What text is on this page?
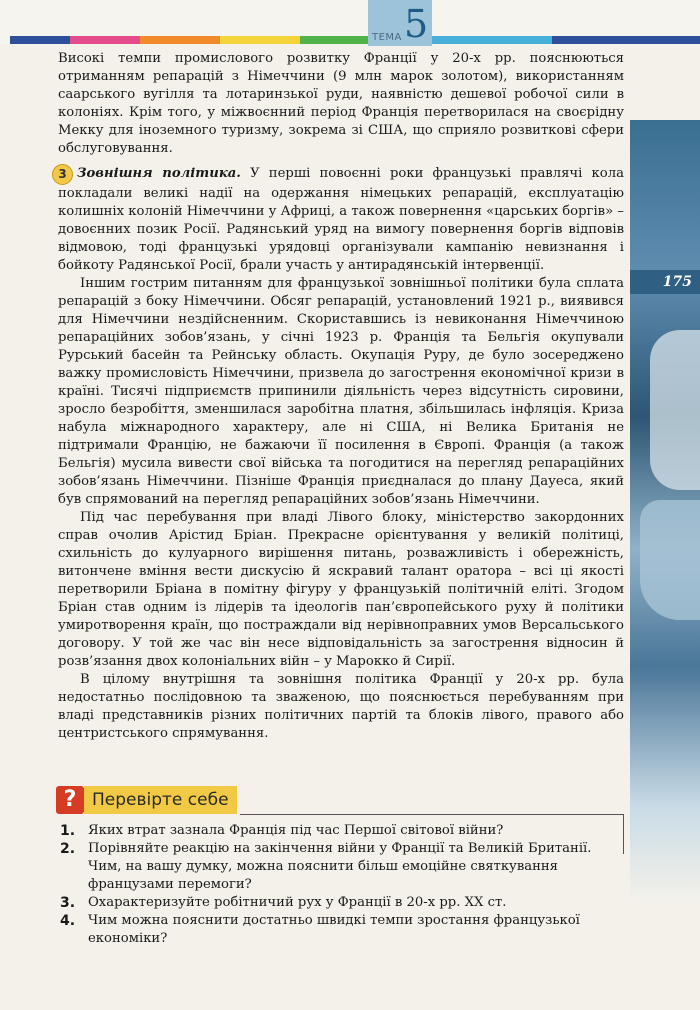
ТЕМА 5
175

Високі темпи промислового розвитку Франції у 20-х рр. пояснюються отриманням репарацій з Німеччини (9 млн марок золотом), використанням саарського вугілля та лотаринзької руди, наявністю дешевої робочої сили в колоніях. Крім того, у міжвоєнний період Франція перетворилася на своєрідну Мекку для іноземного туризму, зокрема зі США, що сприяло розвиткові сфери обслуговування.

3 Зовнішня політика. У перші повоєнні роки французькі правлячі кола покладали великі надії на одержання німецьких репарацій, експлуатацію колишніх колоній Німеччини у Африці, а також повернення «царських боргів» – довоєнних позик Росії. Радянський уряд на вимогу повернення боргів відповів відмовою, тоді французькі урядовці організували кампанію невизнання і бойкоту Радянської Росії, брали участь у антирадянській інтервенції.

Іншим гострим питанням для французької зовнішньої політики була сплата репарацій з боку Німеччини. Обсяг репарацій, установлений 1921 р., виявився для Німеччини нездійсненним. Скориставшись із невиконання Німеччиною репараційних зобов’язань, у січні 1923 р. Франція та Бельгія окупували Рурський басейн та Рейнську область. Окупація Руру, де було зосереджено важку промисловість Німеччини, призвела до загострення економічної кризи в країні. Тисячі підприємств припинили діяльність через відсутність сировини, зросло безробіття, зменшилася заробітна платня, збільшилась інфляція. Криза набула міжнародного характеру, але ні США, ні Велика Британія не підтримали Францію, не бажаючи її посилення в Європі. Франція (а також Бельгія) мусила вивести свої війська та погодитися на перегляд репараційних зобов’язань Німеччини. Пізніше Франція приєдналася до плану Дауеса, який був спрямований на перегляд репараційних зобов’язань Німеччини.

Під час перебування при владі Лівого блоку, міністерство закордонних справ очолив Арістид Бріан. Прекрасне орієнтування у великій політиці, схильність до кулуарного вирішення питань, розважливість і обережність, витончене вміння вести дискусію й яскравий талант оратора – всі ці якості перетворили Бріана в помітну фігуру у французькій політичній еліті. Згодом Бріан став одним із лідерів та ідеологів пан’європейського руху й політики умиротворення країн, що постраждали від нерівноправних умов Версальського договору. У той же час він несе відповідальність за загострення відносин й розв’язання двох колоніальних війн – у Марокко й Сирії.

В цілому внутрішня та зовнішня політика Франції у 20-х рр. була недостатньо послідовною та зваженою, що пояснюється перебуванням при владі представників різних політичних партій та блоків лівого, правого або центристського спрямування.

? Перевірте себе
1. Яких втрат зазнала Франція під час Першої світової війни?
2. Порівняйте реакцію на закінчення війни у Франції та Великій Британії. Чим, на вашу думку, можна пояснити більш емоційне святкування французами перемоги?
3. Охарактеризуйте робітничий рух у Франції в 20-х рр. ХХ ст.
4. Чим можна пояснити достатньо швидкі темпи зростання французької економіки?
